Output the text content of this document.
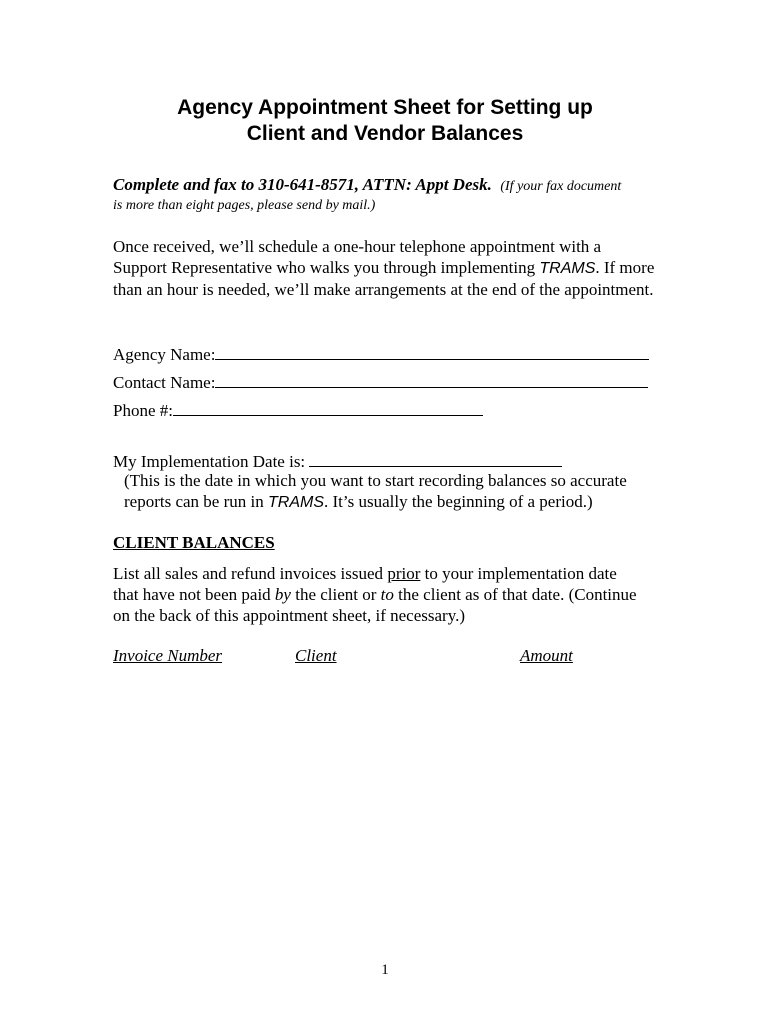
Agency Appointment Sheet for Setting up
Client and Vendor Balances
Complete and fax to 310-641-8571, ATTN: Appt Desk. (If your fax document
is more than eight pages, please send by mail.)
Once received, we’ll schedule a one-hour telephone appointment with a Support Representative who walks you through implementing TRAMS. If more than an hour is needed, we’ll make arrangements at the end of the appointment.
Agency Name:
Contact Name:
Phone #:
My Implementation Date is:
(This is the date in which you want to start recording balances so accurate reports can be run in TRAMS. It’s usually the beginning of a period.)
CLIENT BALANCES
List all sales and refund invoices issued prior to your implementation date that have not been paid by the client or to the client as of that date. (Continue on the back of this appointment sheet, if necessary.)
Invoice Number	Client	Amount
1
